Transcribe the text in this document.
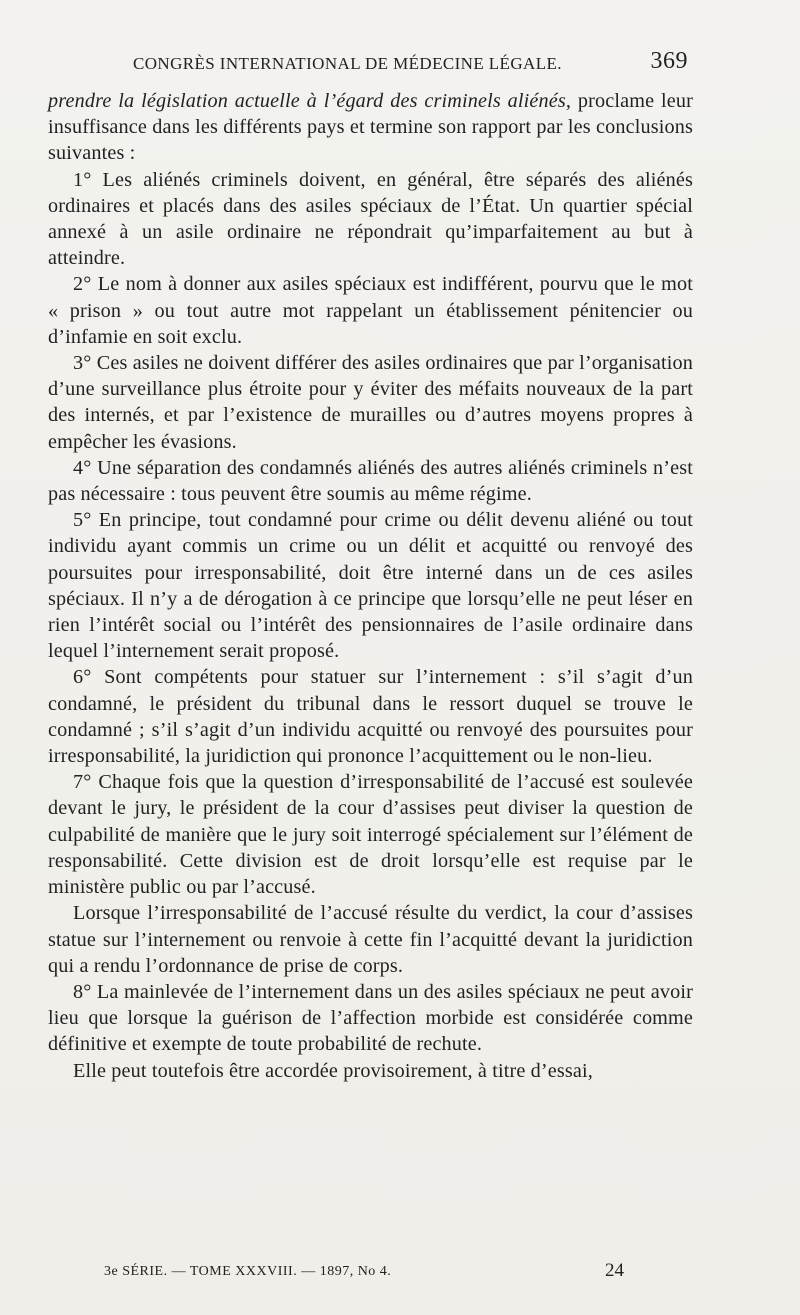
CONGRÈS INTERNATIONAL DE MÉDECINE LÉGALE.	369

prendre la législation actuelle à l’égard des criminels aliénés, proclame leur insuffisance dans les différents pays et termine son rapport par les conclusions suivantes :

1° Les aliénés criminels doivent, en général, être séparés des aliénés ordinaires et placés dans des asiles spéciaux de l’État. Un quartier spécial annexé à un asile ordinaire ne répondrait qu’imparfaitement au but à atteindre.

2° Le nom à donner aux asiles spéciaux est indifférent, pourvu que le mot « prison » ou tout autre mot rappelant un établissement pénitencier ou d’infamie en soit exclu.

3° Ces asiles ne doivent différer des asiles ordinaires que par l’organisation d’une surveillance plus étroite pour y éviter des méfaits nouveaux de la part des internés, et par l’existence de murailles ou d’autres moyens propres à empêcher les évasions.

4° Une séparation des condamnés aliénés des autres aliénés criminels n’est pas nécessaire : tous peuvent être soumis au même régime.

5° En principe, tout condamné pour crime ou délit devenu aliéné ou tout individu ayant commis un crime ou un délit et acquitté ou renvoyé des poursuites pour irresponsabilité, doit être interné dans un de ces asiles spéciaux. Il n’y a de dérogation à ce principe que lorsqu’elle ne peut léser en rien l’intérêt social ou l’intérêt des pensionnaires de l’asile ordinaire dans lequel l’internement serait proposé.

6° Sont compétents pour statuer sur l’internement : s’il s’agit d’un condamné, le président du tribunal dans le ressort duquel se trouve le condamné ; s’il s’agit d’un individu acquitté ou renvoyé des poursuites pour irresponsabilité, la juridiction qui prononce l’acquittement ou le non-lieu.

7° Chaque fois que la question d’irresponsabilité de l’accusé est soulevée devant le jury, le président de la cour d’assises peut diviser la question de culpabilité de manière que le jury soit interrogé spécialement sur l’élément de responsabilité. Cette division est de droit lorsqu’elle est requise par le ministère public ou par l’accusé.

Lorsque l’irresponsabilité de l’accusé résulte du verdict, la cour d’assises statue sur l’internement ou renvoie à cette fin l’acquitté devant la juridiction qui a rendu l’ordonnance de prise de corps.

8° La mainlevée de l’internement dans un des asiles spéciaux ne peut avoir lieu que lorsque la guérison de l’affection morbide est considérée comme définitive et exempte de toute probabilité de rechute.

Elle peut toutefois être accordée provisoirement, à titre d’essai,

3e SÉRIE. — TOME XXXVIII. — 1897, No 4.	24
